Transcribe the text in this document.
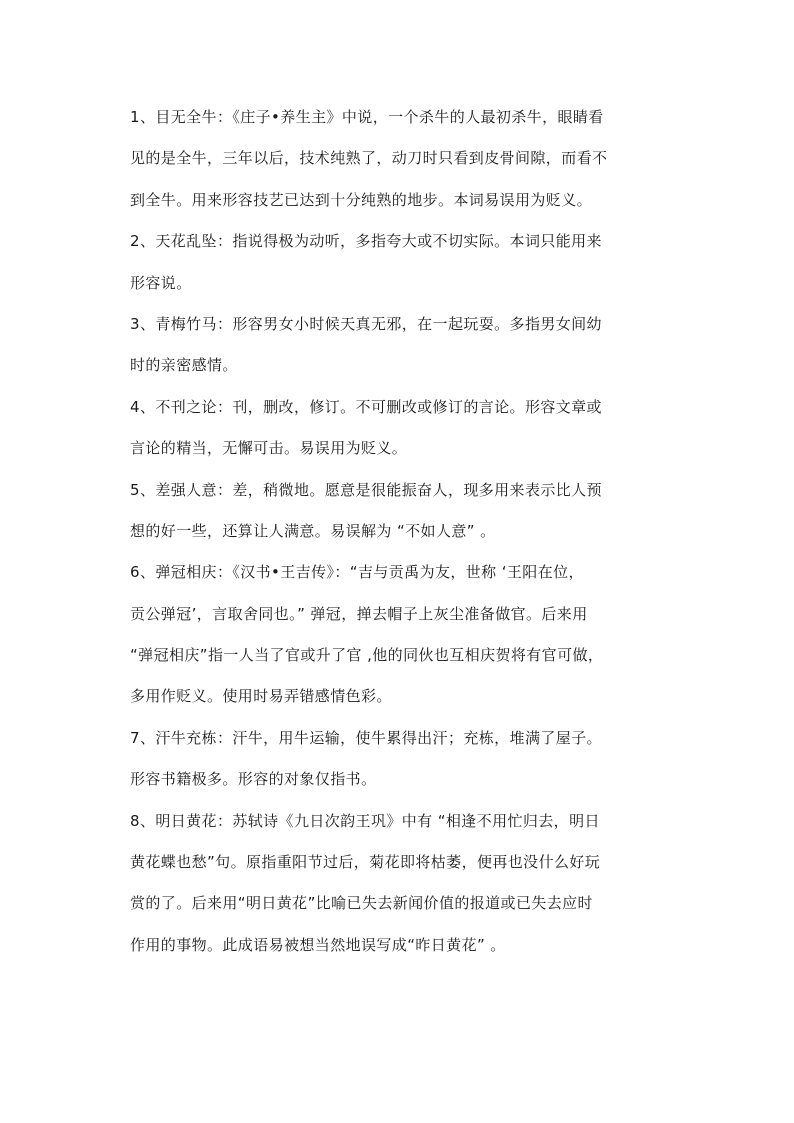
1、目无全牛：《庄子•养生主》中说，一个杀牛的人最初杀牛，眼睛看
见的是全牛，三年以后，技术纯熟了，动刀时只看到皮骨间隙，而看不
到全牛。用来形容技艺已达到十分纯熟的地步。本词易误用为贬义。
2、天花乱坠：指说得极为动听，多指夸大或不切实际。本词只能用来
形容说。
3、青梅竹马：形容男女小时候天真无邪，在一起玩耍。多指男女间幼
时的亲密感情。
4、不刊之论：刊，删改，修订。不可删改或修订的言论。形容文章或
言论的精当，无懈可击。易误用为贬义。
5、差强人意：差，稍微地。愿意是很能振奋人，现多用来表示比人预
想的好一些，还算让人满意。易误解为 “不如人意” 。
6、弹冠相庆：《汉书•王吉传》：“吉与贡禹为友，世称 ‘王阳在位，
贡公弹冠’，言取舍同也。” 弹冠，掸去帽子上灰尘准备做官。后来用
“弹冠相庆”指一人当了官或升了官 ,他的同伙也互相庆贺将有官可做，
多用作贬义。使用时易弄错感情色彩。
7、汗牛充栋：汗牛，用牛运输，使牛累得出汗；充栋，堆满了屋子。
形容书籍极多。形容的对象仅指书。
8、明日黄花：苏轼诗《九日次韵王巩》中有 “相逢不用忙归去，明日
黄花蝶也愁”句。原指重阳节过后，菊花即将枯萎，便再也没什么好玩
赏的了。后来用“明日黄花”比喻已失去新闻价值的报道或已失去应时
作用的事物。此成语易被想当然地误写成“昨日黄花” 。
